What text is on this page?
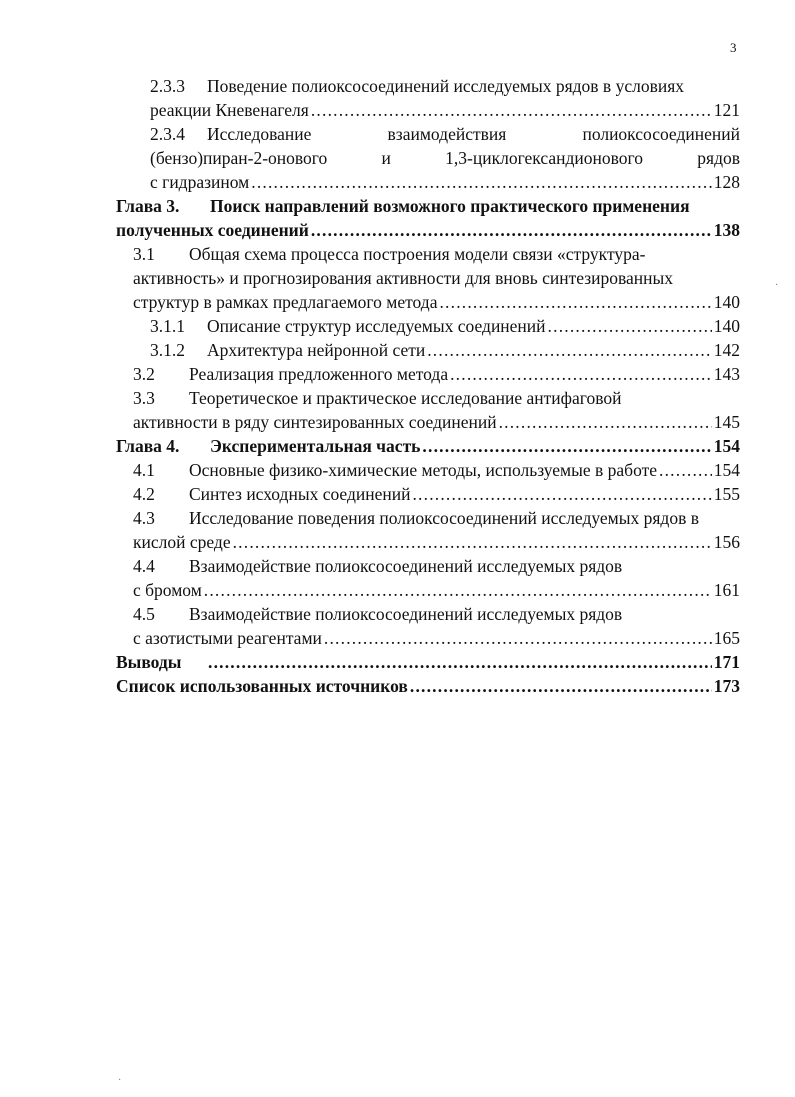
3
2.3.3 Поведение полиоксосоединений исследуемых рядов в условиях
реакции Кневенагеля .....	121
2.3.4 Исследование	взаимодействия	полиоксосоединений
(бензо)пиран-2-онового	и	1,3-циклогександионового	рядов
с гидразином .....	128
Глава 3. Поиск направлений возможного практического применения
полученных соединений .....	138
3.1 Общая схема процесса построения модели связи «структура-
активность» и прогнозирования активности для вновь синтезированных
структур в рамках предлагаемого метода .....	140
3.1.1 Описание структур исследуемых соединений .....	140
3.1.2 Архитектура нейронной сети .....	142
3.2 Реализация предложенного метода .....	143
3.3 Теоретическое и практическое исследование антифаговой
активности в ряду синтезированных соединений .....	145
Глава 4. Экспериментальная часть .....	154
4.1 Основные физико-химические методы, используемые в работе .....	154
4.2 Синтез исходных соединений .....	155
4.3 Исследование поведения полиоксосоединений исследуемых рядов в
кислой среде .....	156
4.4 Взаимодействие полиоксосоединений исследуемых рядов
с бромом .....	161
4.5 Взаимодействие полиоксосоединений исследуемых рядов
с азотистыми реагентами .....	165
Выводы .....	171
Список использованных источников .....	173
·
·
